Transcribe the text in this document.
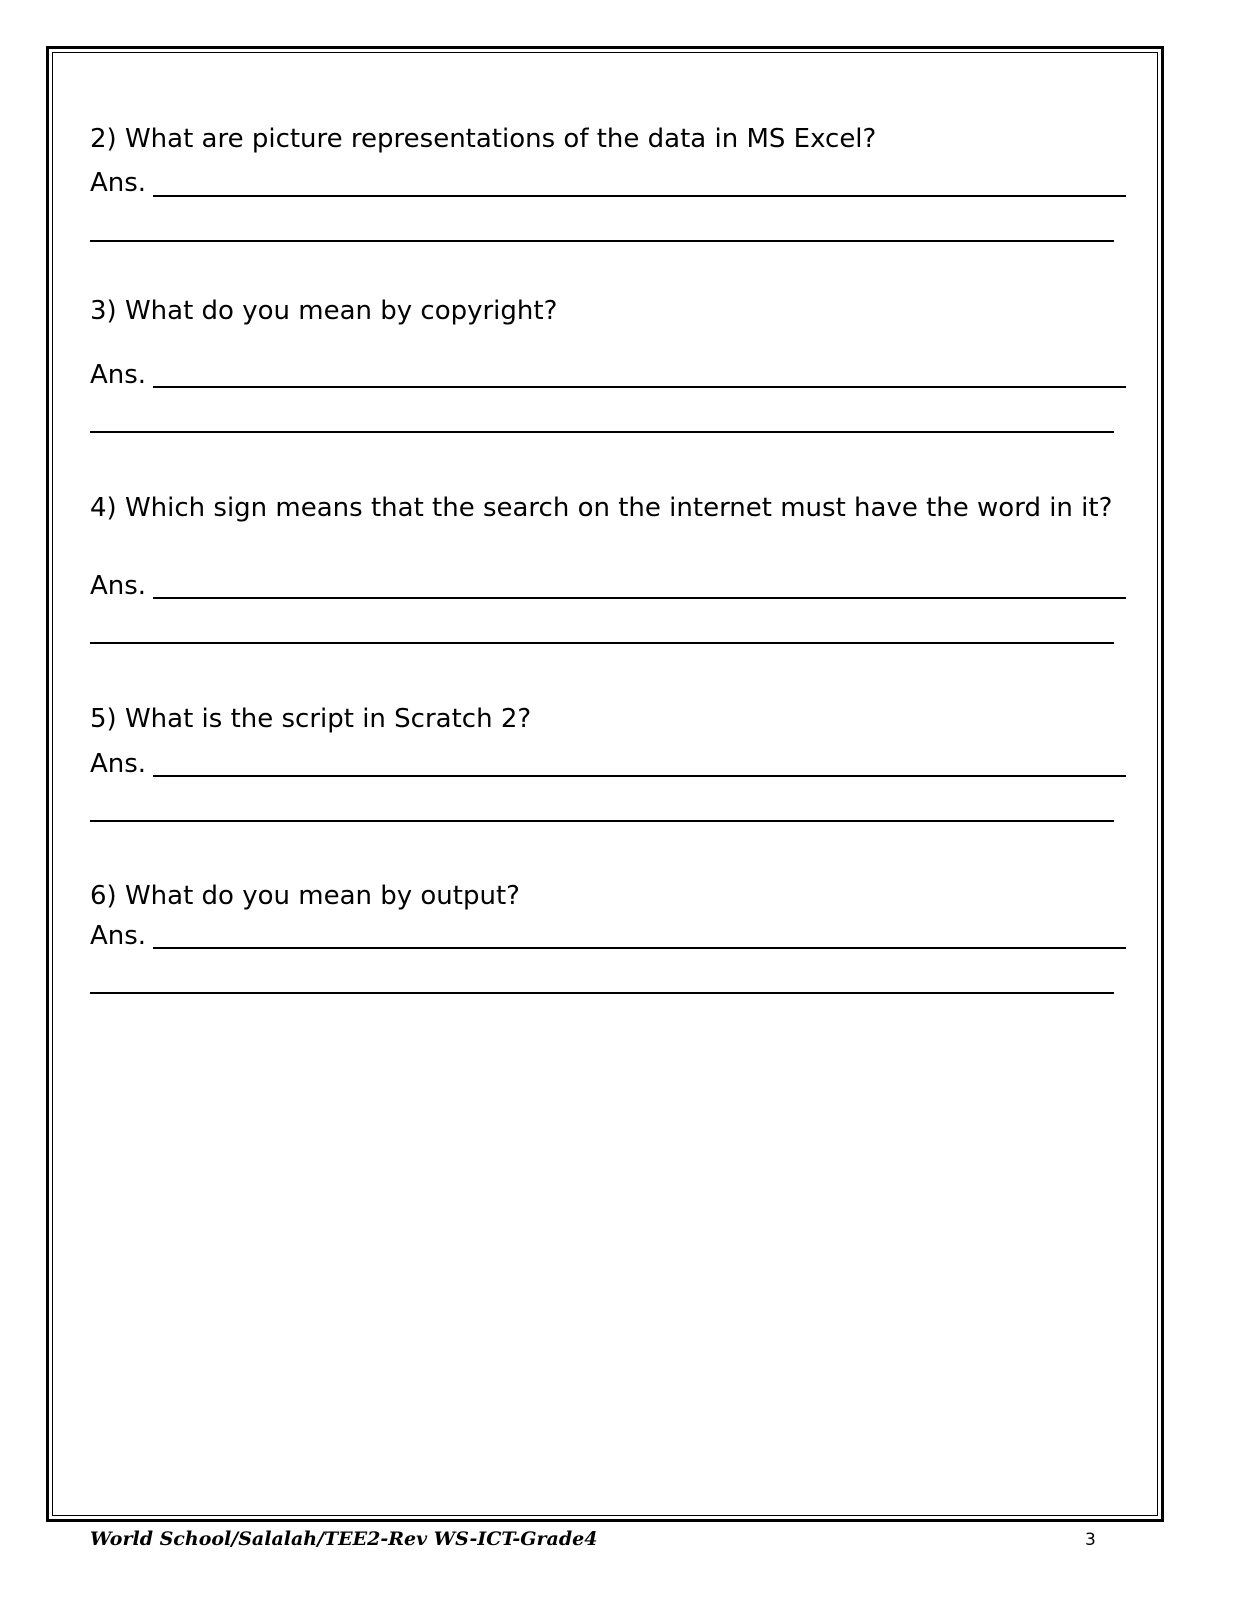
2) What are picture representations of the data in MS Excel?
Ans.
3) What do you mean by copyright?
Ans.
4) Which sign means that the search on the internet must have the word in it?
Ans.
5) What is the script in Scratch 2?
Ans.
6) What do you mean by output?
Ans.
World School/Salalah/TEE2-Rev WS-ICT-Grade4	3
